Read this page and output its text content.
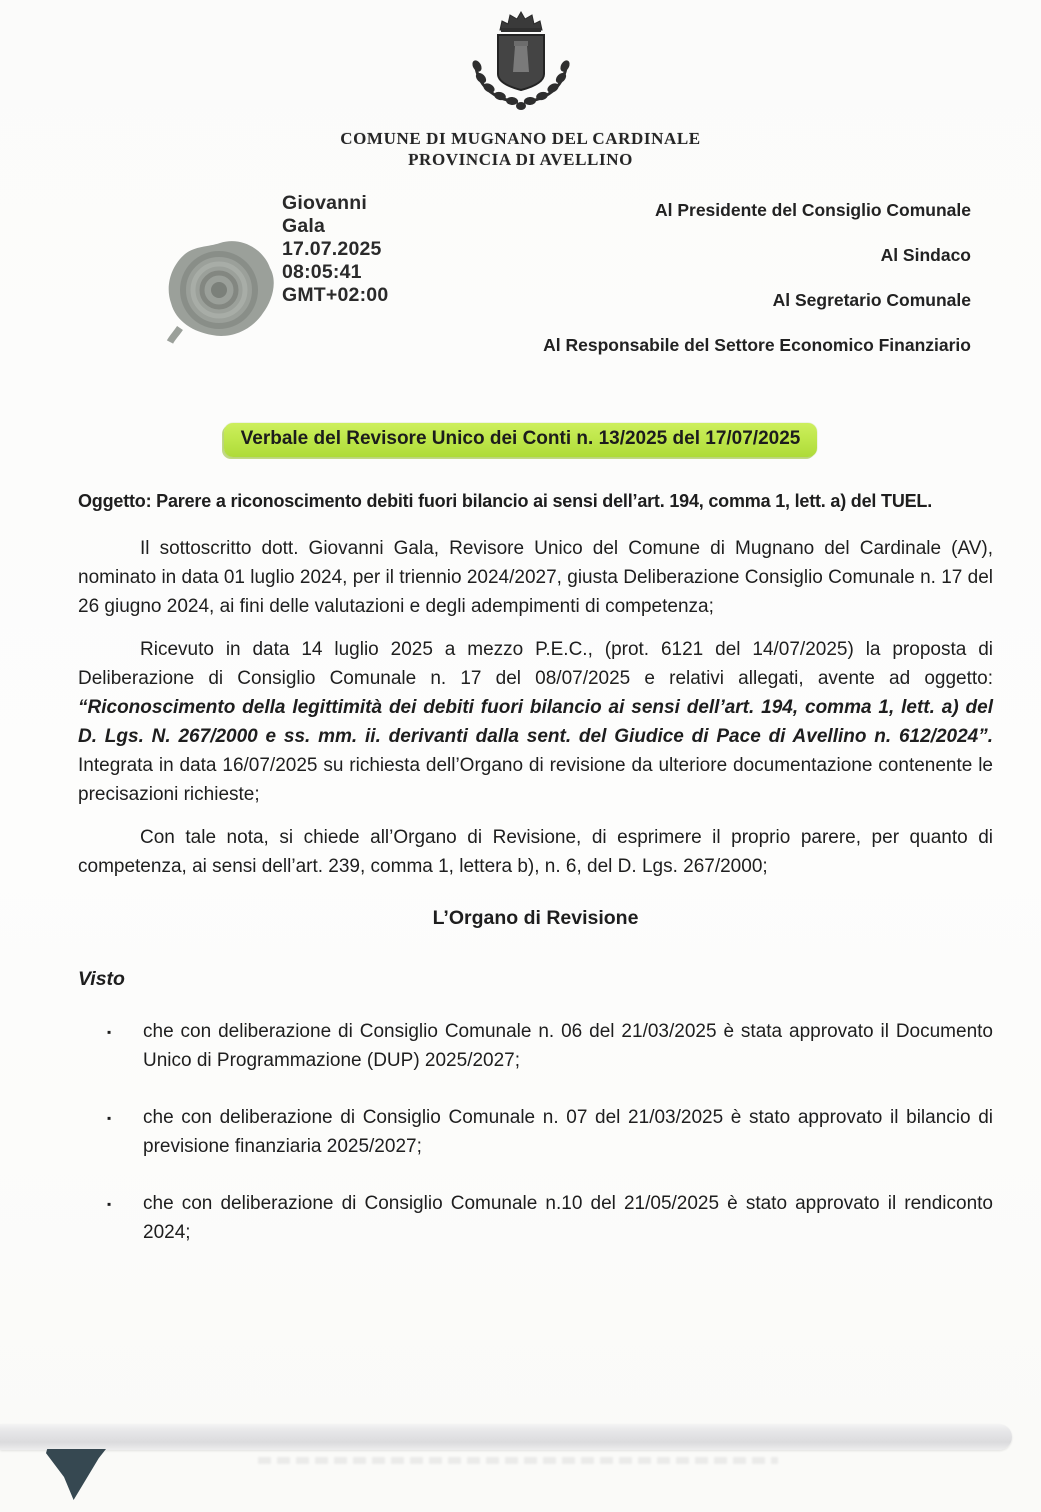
COMUNE DI MUGNANO DEL CARDINALE
PROVINCIA DI AVELLINO
Giovanni
Gala
17.07.2025
08:05:41
GMT+02:00

Al Presidente del Consiglio Comunale

Al Sindaco

Al Segretario Comunale

Al Responsabile del Settore Economico Finanziario

Verbale del Revisore Unico dei Conti n. 13/2025 del 17/07/2025

Oggetto: Parere a riconoscimento debiti fuori bilancio ai sensi dell’art. 194, comma 1, lett. a) del TUEL.

Il sottoscritto dott. Giovanni Gala, Revisore Unico del Comune di Mugnano del Cardinale (AV), nominato in data 01 luglio 2024, per il triennio 2024/2027, giusta Deliberazione Consiglio Comunale n. 17 del 26 giugno 2024, ai fini delle valutazioni e degli adempimenti di competenza;

Ricevuto in data 14 luglio 2025 a mezzo P.E.C., (prot. 6121 del 14/07/2025) la proposta di Deliberazione di Consiglio Comunale n. 17 del 08/07/2025 e relativi allegati, avente ad oggetto: “Riconoscimento della legittimità dei debiti fuori bilancio ai sensi dell’art. 194, comma 1, lett. a) del D. Lgs. N. 267/2000 e ss. mm. ii. derivanti dalla sent. del Giudice di Pace di Avellino n. 612/2024”. Integrata in data 16/07/2025 su richiesta dell’Organo di revisione da ulteriore documentazione contenente le precisazioni richieste;

Con tale nota, si chiede all’Organo di Revisione, di esprimere il proprio parere, per quanto di competenza, ai sensi dell’art. 239, comma 1, lettera b), n. 6, del D. Lgs. 267/2000;

L’Organo di Revisione

Visto

▪ che con deliberazione di Consiglio Comunale n. 06 del 21/03/2025 è stata approvato il Documento Unico di Programmazione (DUP) 2025/2027;
▪ che con deliberazione di Consiglio Comunale n. 07 del 21/03/2025 è stato approvato il bilancio di previsione finanziaria 2025/2027;
▪ che con deliberazione di Consiglio Comunale n.10 del 21/05/2025 è stato approvato il rendiconto 2024;
